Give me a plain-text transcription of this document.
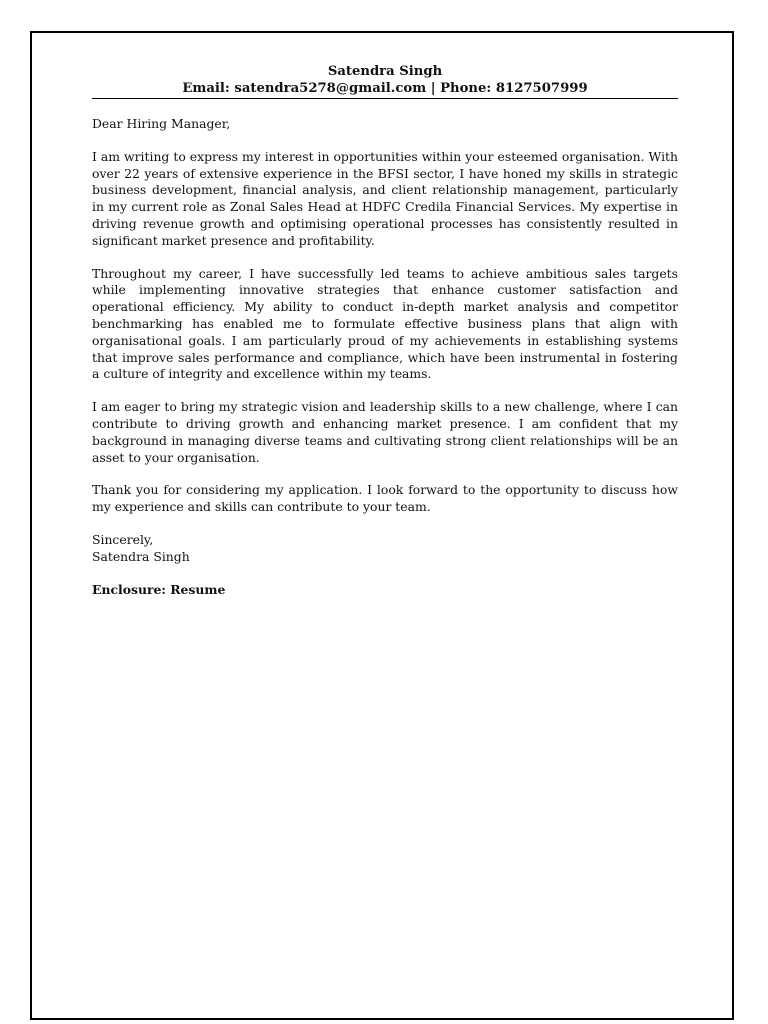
Satendra Singh
Email: satendra5278@gmail.com | Phone: 8127507999
Dear Hiring Manager,

I am writing to express my interest in opportunities within your esteemed organisation. With over 22 years of extensive experience in the BFSI sector, I have honed my skills in strategic business development, financial analysis, and client relationship management, particularly in my current role as Zonal Sales Head at HDFC Credila Financial Services. My expertise in driving revenue growth and optimising operational processes has consistently resulted in significant market presence and profitability.

Throughout my career, I have successfully led teams to achieve ambitious sales targets while implementing innovative strategies that enhance customer satisfaction and operational efficiency. My ability to conduct in-depth market analysis and competitor benchmarking has enabled me to formulate effective business plans that align with organisational goals. I am particularly proud of my achievements in establishing systems that improve sales performance and compliance, which have been instrumental in fostering a culture of integrity and excellence within my teams.

I am eager to bring my strategic vision and leadership skills to a new challenge, where I can contribute to driving growth and enhancing market presence. I am confident that my background in managing diverse teams and cultivating strong client relationships will be an asset to your organisation.

Thank you for considering my application. I look forward to the opportunity to discuss how my experience and skills can contribute to your team.

Sincerely,
Satendra Singh
Enclosure: Resume
